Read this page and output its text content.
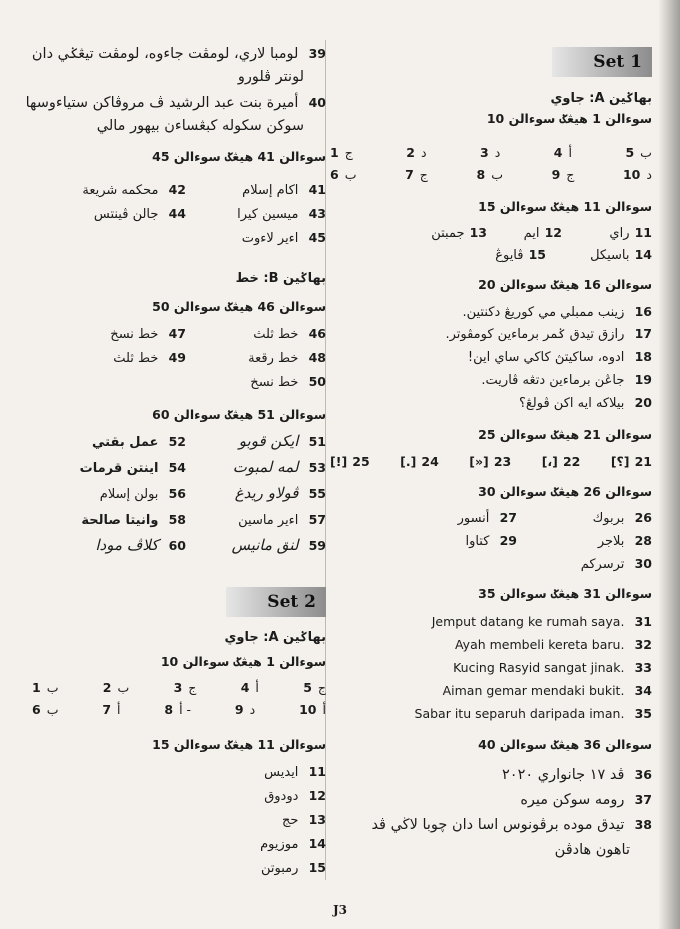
Set 1
بهاݢين A: جاوي
سوءالن 1 هيڠݢ سوءالن 10
1 ج	2 د	3 د	4 أ	5 ب
6 ب	7 ج	8 ب	9 ج	10 د
سوءالن 11 هيڠݢ سوءالن 15
11 راي
12 ايم
13 جمبتن
14 باسيكل
15 ڤايوڠ
سوءالن 16 هيڠݢ سوءالن 20
16  زينب ممبلي مي كوريڠ دكنتين.
17  رازق تيدق ݢمر برماءين كومڤوتر.
18  ادوه، ساكيتڽ كاكي ساي اين!
19  جاڠن برماءين دتڠه ڤاريت.
20  بيلاكه ايه اكن ڤولڠ؟
سوءالن 21 هيڠݢ سوءالن 25
21 [؟]
22 [،]
23 [«]
24 [.]
25 [!]
سوءالن 26 هيڠݢ سوءالن 30
26  بربوك
27  أنسور
28  بلاجر
29  كتاوا
30  ترسركم
سوءالن 31 هيڠݢ سوءالن 35
Jemput datang ke rumah saya. 31
Ayah membeli kereta baru. 32
Kucing Rasyid sangat jinak. 33
Aiman gemar mendaki bukit. 34
Sabar itu separuh daripada iman. 35
سوءالن 36 هيڠݢ سوءالن 40
36  ڤد ١٧ جانواري ٢٠٢٠
37  رومه سوكن ميره
38  تيدق موده برڤونوس اسا دان چوبا لاڬي ڤد
تاهون هادڤن
39  لومبا لاري، لومڤت جاءوه، لومڤت تيڠݢي دان
لونتر ڤلورو
40  أميرة بنت عبد الرشيد ڤ مروڤاكن ستياءوسها
سوكن سكوله كبڠساءن بيهور مالي
سوءالن 41 هيڠݢ سوءالن 45
41  اكام إسلام
42  محكمه شريعة
43  ميسين كيرا
44  جالن ڤينتس
45  اءير لاءوت
بهاݢين B: خط
سوءالن 46 هيڠݢ سوءالن 50
46  خط ثلث
47  خط نسخ
48  خط رقعة
49  خط ثلث
50  خط نسخ
سوءالن 51 هيڠݢ سوءالن 60
51  ايكن قوبو
52  عمل بقتي
53  لمه لمبوت
54  اينتن قرمات
55  ڤولاو ريدغ
56  بولن إسلام
57  اءير ماسين
58  وانيتا صالحة
59  لنق مانيس
60  كلاڤ مودا
Set 2
بهاݢين A: جاوي
سوءالن 1 هيڠݢ سوءالن 10
1 ب	2 ب	3 ج	4 أ	5 ج
6 ب	7 أ	8 أ -	9 د	10 أ
سوءالن 11 هيڠݢ سوءالن 15
11  ايديس
12  دودوق
13  حج
14  موزيوم
15  رمبوتن
J3
